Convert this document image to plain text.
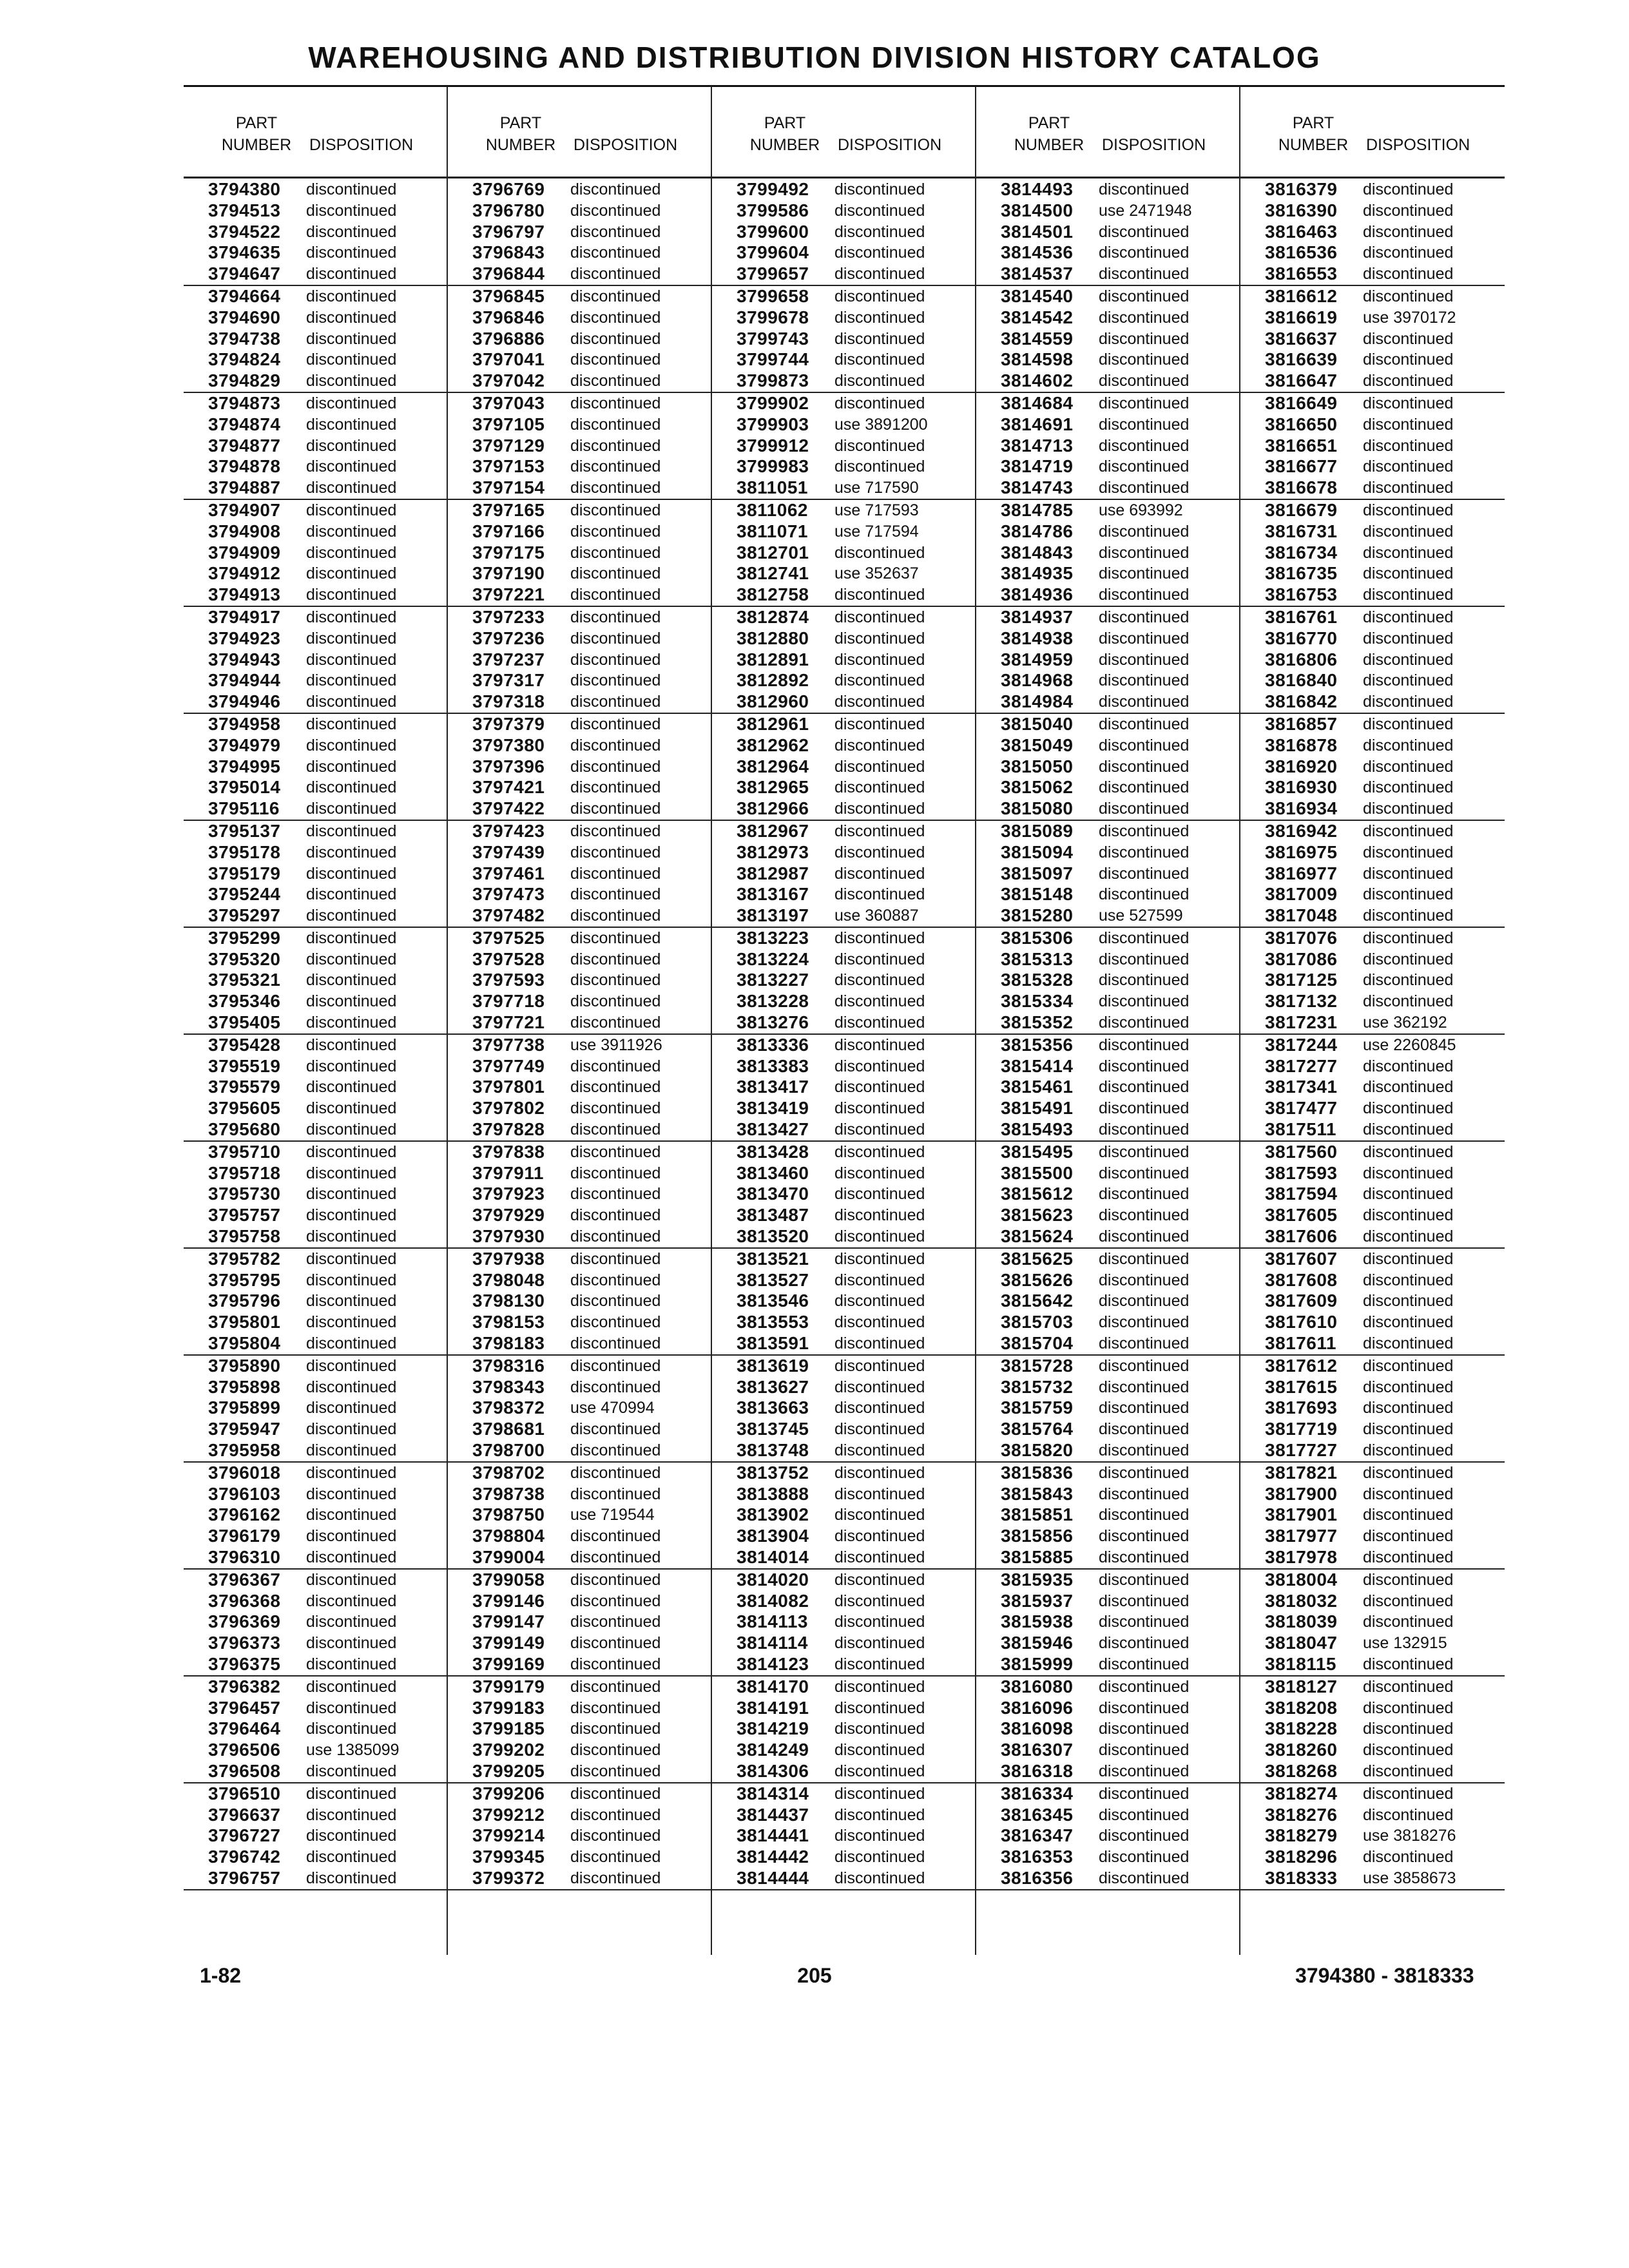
WAREHOUSING AND DISTRIBUTION DIVISION HISTORY CATALOG
PART
NUMBER	DISPOSITION
3794380 discontinued
3794513 discontinued
3794522 discontinued
3794635 discontinued
3794647 discontinued
3794664 discontinued
3794690 discontinued
3794738 discontinued
3794824 discontinued
3794829 discontinued
3794873 discontinued
3794874 discontinued
3794877 discontinued
3794878 discontinued
3794887 discontinued
3794907 discontinued
3794908 discontinued
3794909 discontinued
3794912 discontinued
3794913 discontinued
3794917 discontinued
3794923 discontinued
3794943 discontinued
3794944 discontinued
3794946 discontinued
3794958 discontinued
3794979 discontinued
3794995 discontinued
3795014 discontinued
3795116 discontinued
3795137 discontinued
3795178 discontinued
3795179 discontinued
3795244 discontinued
3795297 discontinued
3795299 discontinued
3795320 discontinued
3795321 discontinued
3795346 discontinued
3795405 discontinued
3795428 discontinued
3795519 discontinued
3795579 discontinued
3795605 discontinued
3795680 discontinued
3795710 discontinued
3795718 discontinued
3795730 discontinued
3795757 discontinued
3795758 discontinued
3795782 discontinued
3795795 discontinued
3795796 discontinued
3795801 discontinued
3795804 discontinued
3795890 discontinued
3795898 discontinued
3795899 discontinued
3795947 discontinued
3795958 discontinued
3796018 discontinued
3796103 discontinued
3796162 discontinued
3796179 discontinued
3796310 discontinued
3796367 discontinued
3796368 discontinued
3796369 discontinued
3796373 discontinued
3796375 discontinued
3796382 discontinued
3796457 discontinued
3796464 discontinued
3796506 use 1385099
3796508 discontinued
3796510 discontinued
3796637 discontinued
3796727 discontinued
3796742 discontinued
3796757 discontinued
PART
NUMBER	DISPOSITION
3796769 discontinued
3796780 discontinued
3796797 discontinued
3796843 discontinued
3796844 discontinued
3796845 discontinued
3796846 discontinued
3796886 discontinued
3797041 discontinued
3797042 discontinued
3797043 discontinued
3797105 discontinued
3797129 discontinued
3797153 discontinued
3797154 discontinued
3797165 discontinued
3797166 discontinued
3797175 discontinued
3797190 discontinued
3797221 discontinued
3797233 discontinued
3797236 discontinued
3797237 discontinued
3797317 discontinued
3797318 discontinued
3797379 discontinued
3797380 discontinued
3797396 discontinued
3797421 discontinued
3797422 discontinued
3797423 discontinued
3797439 discontinued
3797461 discontinued
3797473 discontinued
3797482 discontinued
3797525 discontinued
3797528 discontinued
3797593 discontinued
3797718 discontinued
3797721 discontinued
3797738 use 3911926
3797749 discontinued
3797801 discontinued
3797802 discontinued
3797828 discontinued
3797838 discontinued
3797911 discontinued
3797923 discontinued
3797929 discontinued
3797930 discontinued
3797938 discontinued
3798048 discontinued
3798130 discontinued
3798153 discontinued
3798183 discontinued
3798316 discontinued
3798343 discontinued
3798372 use 470994
3798681 discontinued
3798700 discontinued
3798702 discontinued
3798738 discontinued
3798750 use 719544
3798804 discontinued
3799004 discontinued
3799058 discontinued
3799146 discontinued
3799147 discontinued
3799149 discontinued
3799169 discontinued
3799179 discontinued
3799183 discontinued
3799185 discontinued
3799202 discontinued
3799205 discontinued
3799206 discontinued
3799212 discontinued
3799214 discontinued
3799345 discontinued
3799372 discontinued
PART
NUMBER	DISPOSITION
3799492 discontinued
3799586 discontinued
3799600 discontinued
3799604 discontinued
3799657 discontinued
3799658 discontinued
3799678 discontinued
3799743 discontinued
3799744 discontinued
3799873 discontinued
3799902 discontinued
3799903 use 3891200
3799912 discontinued
3799983 discontinued
3811051 use 717590
3811062 use 717593
3811071 use 717594
3812701 discontinued
3812741 use 352637
3812758 discontinued
3812874 discontinued
3812880 discontinued
3812891 discontinued
3812892 discontinued
3812960 discontinued
3812961 discontinued
3812962 discontinued
3812964 discontinued
3812965 discontinued
3812966 discontinued
3812967 discontinued
3812973 discontinued
3812987 discontinued
3813167 discontinued
3813197 use 360887
3813223 discontinued
3813224 discontinued
3813227 discontinued
3813228 discontinued
3813276 discontinued
3813336 discontinued
3813383 discontinued
3813417 discontinued
3813419 discontinued
3813427 discontinued
3813428 discontinued
3813460 discontinued
3813470 discontinued
3813487 discontinued
3813520 discontinued
3813521 discontinued
3813527 discontinued
3813546 discontinued
3813553 discontinued
3813591 discontinued
3813619 discontinued
3813627 discontinued
3813663 discontinued
3813745 discontinued
3813748 discontinued
3813752 discontinued
3813888 discontinued
3813902 discontinued
3813904 discontinued
3814014 discontinued
3814020 discontinued
3814082 discontinued
3814113 discontinued
3814114 discontinued
3814123 discontinued
3814170 discontinued
3814191 discontinued
3814219 discontinued
3814249 discontinued
3814306 discontinued
3814314 discontinued
3814437 discontinued
3814441 discontinued
3814442 discontinued
3814444 discontinued
PART
NUMBER	DISPOSITION
3814493 discontinued
3814500 use 2471948
3814501 discontinued
3814536 discontinued
3814537 discontinued
3814540 discontinued
3814542 discontinued
3814559 discontinued
3814598 discontinued
3814602 discontinued
3814684 discontinued
3814691 discontinued
3814713 discontinued
3814719 discontinued
3814743 discontinued
3814785 use 693992
3814786 discontinued
3814843 discontinued
3814935 discontinued
3814936 discontinued
3814937 discontinued
3814938 discontinued
3814959 discontinued
3814968 discontinued
3814984 discontinued
3815040 discontinued
3815049 discontinued
3815050 discontinued
3815062 discontinued
3815080 discontinued
3815089 discontinued
3815094 discontinued
3815097 discontinued
3815148 discontinued
3815280 use 527599
3815306 discontinued
3815313 discontinued
3815328 discontinued
3815334 discontinued
3815352 discontinued
3815356 discontinued
3815414 discontinued
3815461 discontinued
3815491 discontinued
3815493 discontinued
3815495 discontinued
3815500 discontinued
3815612 discontinued
3815623 discontinued
3815624 discontinued
3815625 discontinued
3815626 discontinued
3815642 discontinued
3815703 discontinued
3815704 discontinued
3815728 discontinued
3815732 discontinued
3815759 discontinued
3815764 discontinued
3815820 discontinued
3815836 discontinued
3815843 discontinued
3815851 discontinued
3815856 discontinued
3815885 discontinued
3815935 discontinued
3815937 discontinued
3815938 discontinued
3815946 discontinued
3815999 discontinued
3816080 discontinued
3816096 discontinued
3816098 discontinued
3816307 discontinued
3816318 discontinued
3816334 discontinued
3816345 discontinued
3816347 discontinued
3816353 discontinued
3816356 discontinued
PART
NUMBER	DISPOSITION
3816379 discontinued
3816390 discontinued
3816463 discontinued
3816536 discontinued
3816553 discontinued
3816612 discontinued
3816619 use 3970172
3816637 discontinued
3816639 discontinued
3816647 discontinued
3816649 discontinued
3816650 discontinued
3816651 discontinued
3816677 discontinued
3816678 discontinued
3816679 discontinued
3816731 discontinued
3816734 discontinued
3816735 discontinued
3816753 discontinued
3816761 discontinued
3816770 discontinued
3816806 discontinued
3816840 discontinued
3816842 discontinued
3816857 discontinued
3816878 discontinued
3816920 discontinued
3816930 discontinued
3816934 discontinued
3816942 discontinued
3816975 discontinued
3816977 discontinued
3817009 discontinued
3817048 discontinued
3817076 discontinued
3817086 discontinued
3817125 discontinued
3817132 discontinued
3817231 use 362192
3817244 use 2260845
3817277 discontinued
3817341 discontinued
3817477 discontinued
3817511 discontinued
3817560 discontinued
3817593 discontinued
3817594 discontinued
3817605 discontinued
3817606 discontinued
3817607 discontinued
3817608 discontinued
3817609 discontinued
3817610 discontinued
3817611 discontinued
3817612 discontinued
3817615 discontinued
3817693 discontinued
3817719 discontinued
3817727 discontinued
3817821 discontinued
3817900 discontinued
3817901 discontinued
3817977 discontinued
3817978 discontinued
3818004 discontinued
3818032 discontinued
3818039 discontinued
3818047 use 132915
3818115 discontinued
3818127 discontinued
3818208 discontinued
3818228 discontinued
3818260 discontinued
3818268 discontinued
3818274 discontinued
3818276 discontinued
3818279 use 3818276
3818296 discontinued
3818333 use 3858673
1-82	205	3794380 - 3818333
